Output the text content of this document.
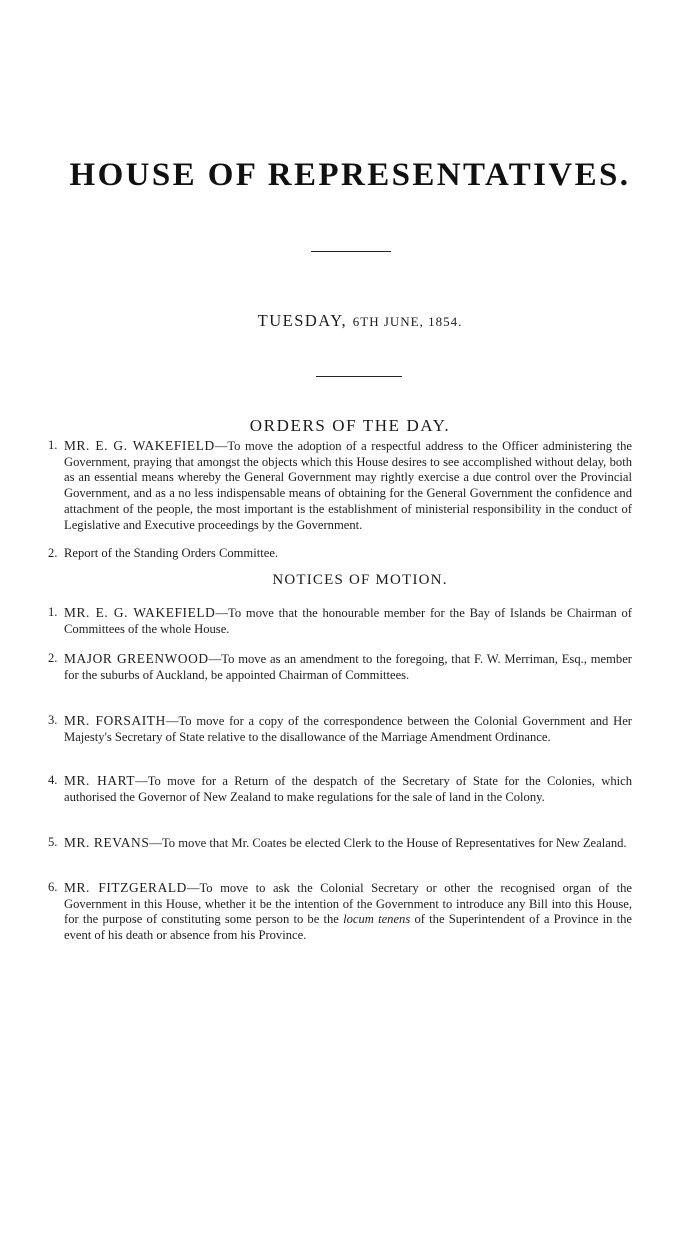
HOUSE OF REPRESENTATIVES.
TUESDAY, 6TH JUNE, 1854.
ORDERS OF THE DAY.
1. MR. E. G. WAKEFIELD—To move the adoption of a respectful address to the Officer administering the Government, praying that amongst the objects which this House desires to see accomplished without delay, both as an essential means whereby the General Government may rightly exercise a due control over the Provincial Government, and as a no less indispensable means of obtaining for the General Government the confidence and attachment of the people, the most important is the establishment of ministerial responsibility in the conduct of Legislative and Executive proceedings by the Government.
2. Report of the Standing Orders Committee.
NOTICES OF MOTION.
1. MR. E. G. WAKEFIELD—To move that the honourable member for the Bay of Islands be Chairman of Committees of the whole House.
2. MAJOR GREENWOOD—To move as an amendment to the foregoing, that F. W. Merriman, Esq., member for the suburbs of Auckland, be appointed Chairman of Committees.
3. MR. FORSAITH—To move for a copy of the correspondence between the Colonial Government and Her Majesty's Secretary of State relative to the disallowance of the Marriage Amendment Ordinance.
4. MR. HART—To move for a Return of the despatch of the Secretary of State for the Colonies, which authorised the Governor of New Zealand to make regulations for the sale of land in the Colony.
5. MR. REVANS—To move that Mr. Coates be elected Clerk to the House of Representatives for New Zealand.
6. MR. FITZGERALD—To move to ask the Colonial Secretary or other the recognised organ of the Government in this House, whether it be the intention of the Government to introduce any Bill into this House, for the purpose of constituting some person to be the locum tenens of the Superintendent of a Province in the event of his death or absence from his Province.
